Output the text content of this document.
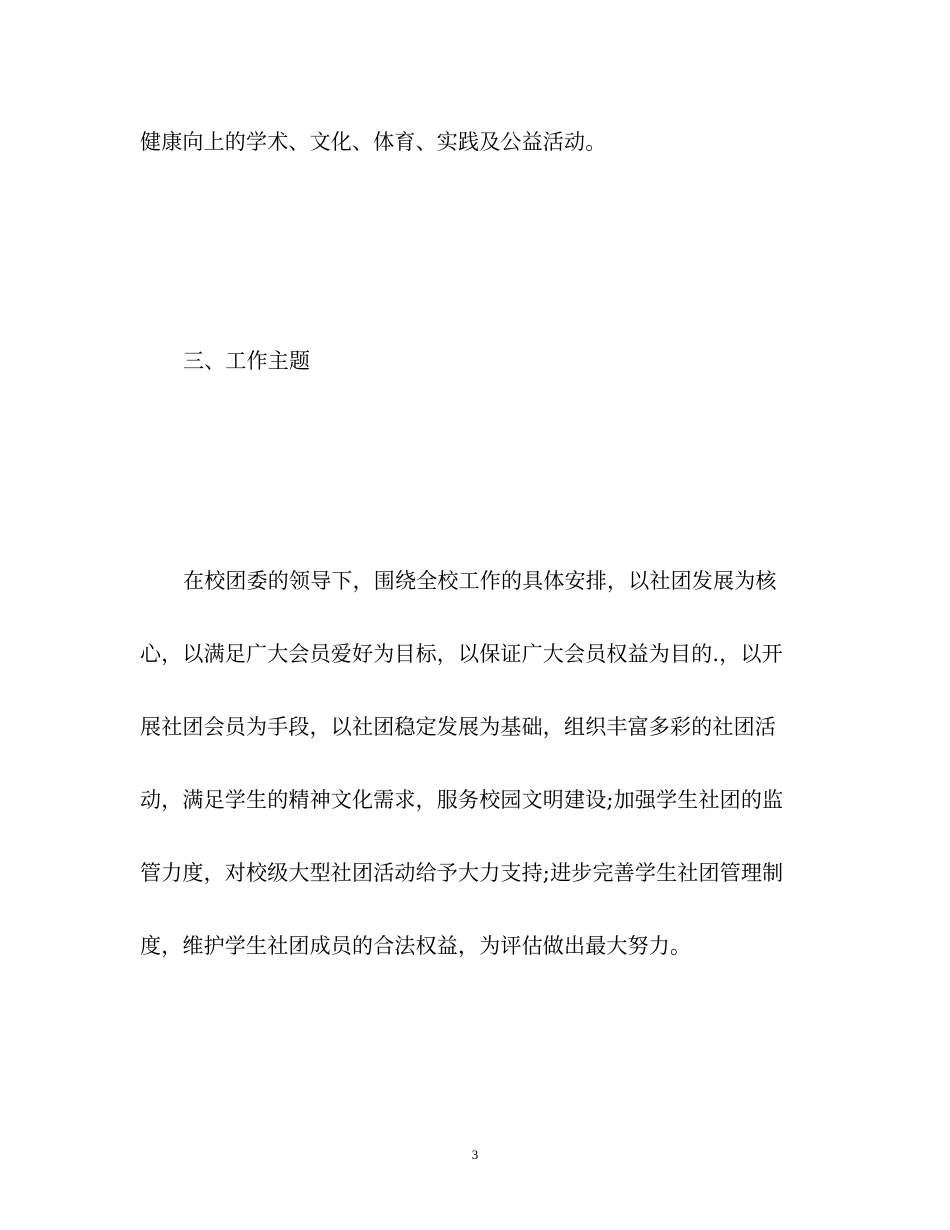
健康向上的学术、文化、体育、实践及公益活动。
三、工作主题
在校团委的领导下，围绕全校工作的具体安排，以社团发展为核
心，以满足广大会员爱好为目标，以保证广大会员权益为目的.，以开
展社团会员为手段，以社团稳定发展为基础，组织丰富多彩的社团活
动，满足学生的精神文化需求，服务校园文明建设;加强学生社团的监
管力度，对校级大型社团活动给予大力支持;进步完善学生社团管理制
度，维护学生社团成员的合法权益，为评估做出最大努力。
3
